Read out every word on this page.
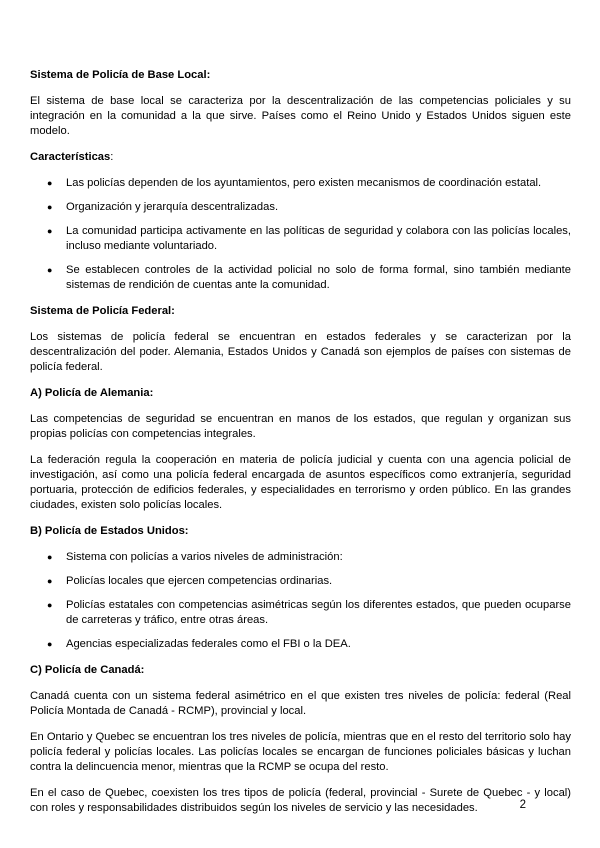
Sistema de Policía de Base Local:

El sistema de base local se caracteriza por la descentralización de las competencias policiales y su integración en la comunidad a la que sirve. Países como el Reino Unido y Estados Unidos siguen este modelo.

Características:

● Las policías dependen de los ayuntamientos, pero existen mecanismos de coordinación estatal.
● Organización y jerarquía descentralizadas.
● La comunidad participa activamente en las políticas de seguridad y colabora con las policías locales, incluso mediante voluntariado.
● Se establecen controles de la actividad policial no solo de forma formal, sino también mediante sistemas de rendición de cuentas ante la comunidad.
Sistema de Policía Federal:

Los sistemas de policía federal se encuentran en estados federales y se caracterizan por la descentralización del poder. Alemania, Estados Unidos y Canadá son ejemplos de países con sistemas de policía federal.

A) Policía de Alemania:

Las competencias de seguridad se encuentran en manos de los estados, que regulan y organizan sus propias policías con competencias integrales.

La federación regula la cooperación en materia de policía judicial y cuenta con una agencia policial de investigación, así como una policía federal encargada de asuntos específicos como extranjería, seguridad portuaria, protección de edificios federales, y especialidades en terrorismo y orden público. En las grandes ciudades, existen solo policías locales.

B) Policía de Estados Unidos:
● Sistema con policías a varios niveles de administración:
● Policías locales que ejercen competencias ordinarias.
● Policías estatales con competencias asimétricas según los diferentes estados, que pueden ocuparse de carreteras y tráfico, entre otras áreas.
● Agencias especializadas federales como el FBI o la DEA.
C) Policía de Canadá:

Canadá cuenta con un sistema federal asimétrico en el que existen tres niveles de policía: federal (Real Policía Montada de Canadá - RCMP), provincial y local.

En Ontario y Quebec se encuentran los tres niveles de policía, mientras que en el resto del territorio solo hay policía federal y policías locales. Las policías locales se encargan de funciones policiales básicas y luchan contra la delincuencia menor, mientras que la RCMP se ocupa del resto.

En el caso de Quebec, coexisten los tres tipos de policía (federal, provincial - Surete de Quebec - y local) con roles y responsabilidades distribuidos según los niveles de servicio y las necesidades.	2
